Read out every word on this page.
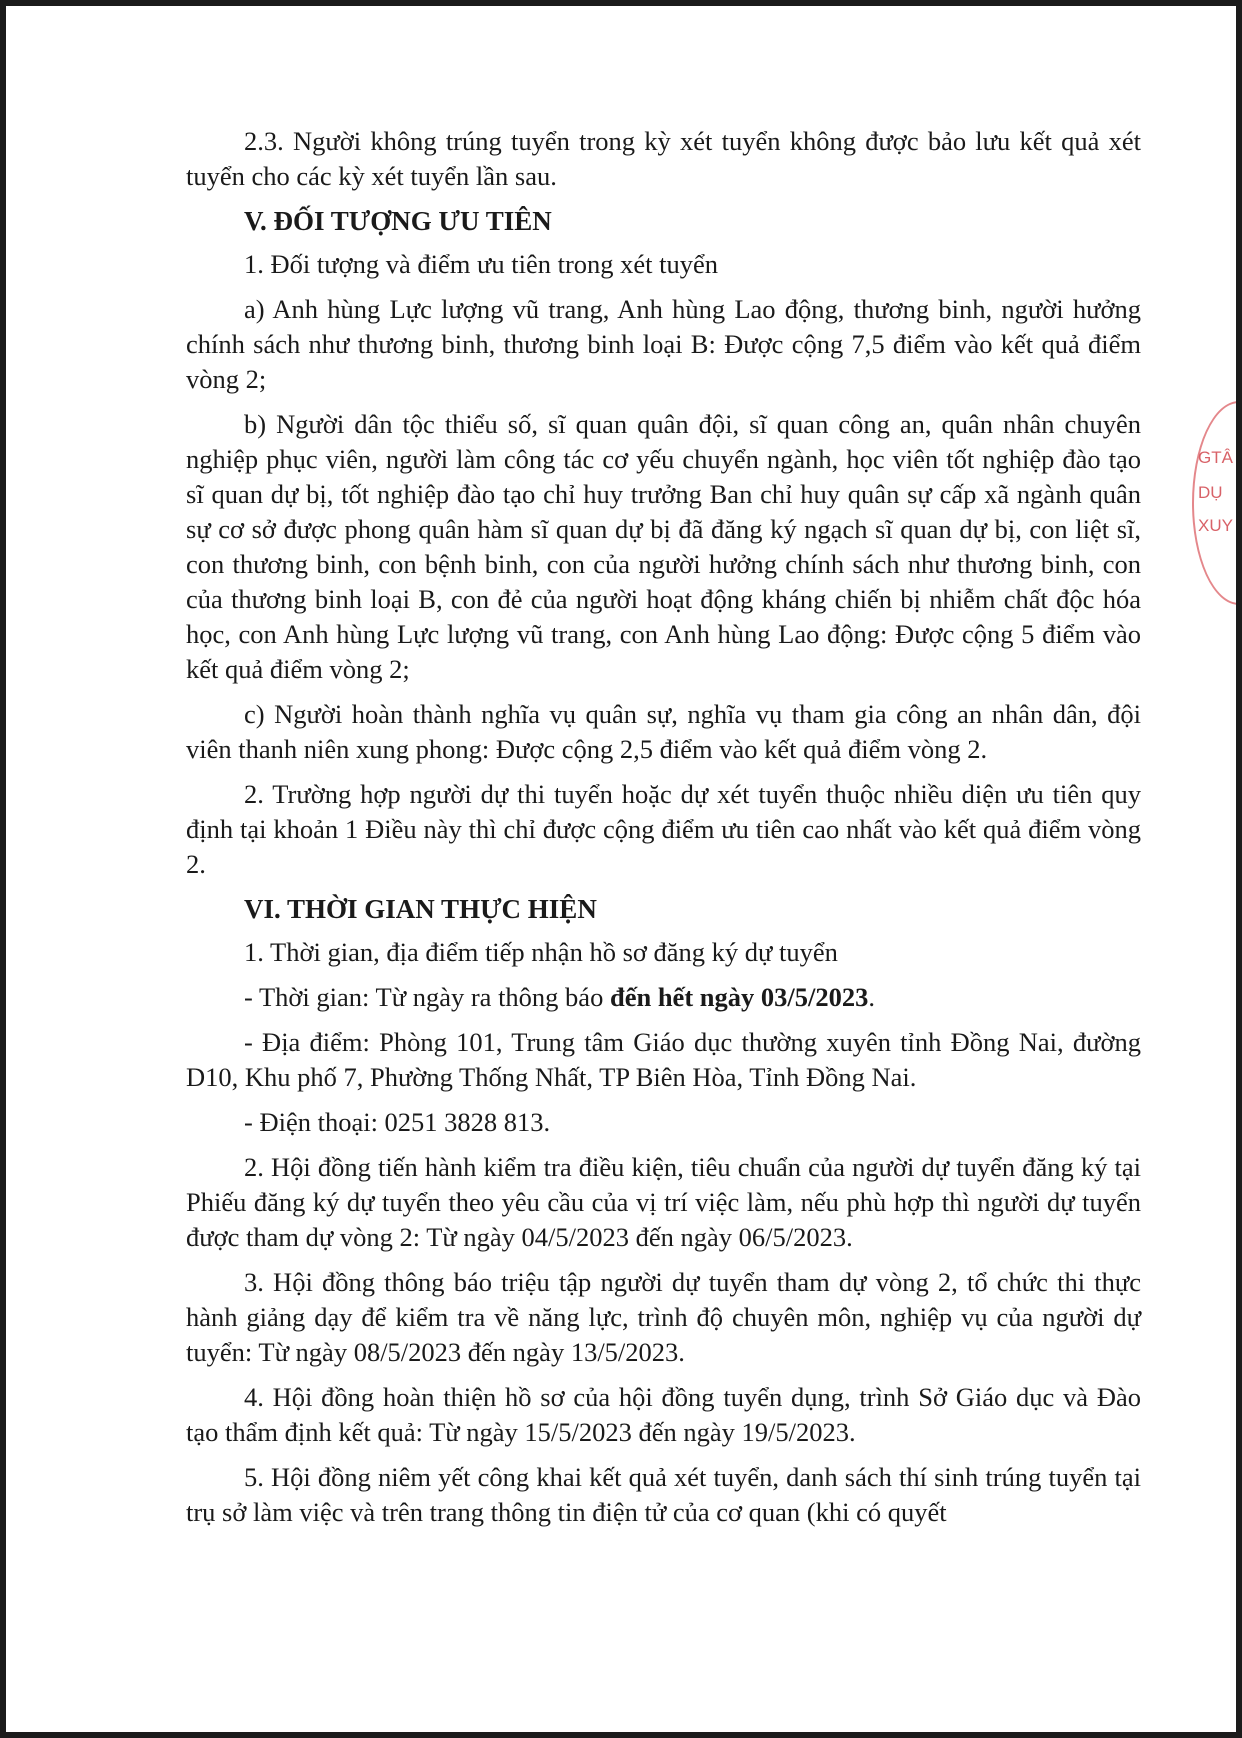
2.3. Người không trúng tuyển trong kỳ xét tuyển không được bảo lưu kết quả xét tuyển cho các kỳ xét tuyển lần sau.

V. ĐỐI TƯỢNG ƯU TIÊN

1. Đối tượng và điểm ưu tiên trong xét tuyển

a) Anh hùng Lực lượng vũ trang, Anh hùng Lao động, thương binh, người hưởng chính sách như thương binh, thương binh loại B: Được cộng 7,5 điểm vào kết quả điểm vòng 2;

b) Người dân tộc thiểu số, sĩ quan quân đội, sĩ quan công an, quân nhân chuyên nghiệp phục viên, người làm công tác cơ yếu chuyển ngành, học viên tốt nghiệp đào tạo sĩ quan dự bị, tốt nghiệp đào tạo chỉ huy trưởng Ban chỉ huy quân sự cấp xã ngành quân sự cơ sở được phong quân hàm sĩ quan dự bị đã đăng ký ngạch sĩ quan dự bị, con liệt sĩ, con thương binh, con bệnh binh, con của người hưởng chính sách như thương binh, con của thương binh loại B, con đẻ của người hoạt động kháng chiến bị nhiễm chất độc hóa học, con Anh hùng Lực lượng vũ trang, con Anh hùng Lao động: Được cộng 5 điểm vào kết quả điểm vòng 2;

c) Người hoàn thành nghĩa vụ quân sự, nghĩa vụ tham gia công an nhân dân, đội viên thanh niên xung phong: Được cộng 2,5 điểm vào kết quả điểm vòng 2.

2. Trường hợp người dự thi tuyển hoặc dự xét tuyển thuộc nhiều diện ưu tiên quy định tại khoản 1 Điều này thì chỉ được cộng điểm ưu tiên cao nhất vào kết quả điểm vòng 2.

VI. THỜI GIAN THỰC HIỆN

1. Thời gian, địa điểm tiếp nhận hồ sơ đăng ký dự tuyển

- Thời gian: Từ ngày ra thông báo đến hết ngày 03/5/2023.

- Địa điểm: Phòng 101, Trung tâm Giáo dục thường xuyên tỉnh Đồng Nai, đường D10, Khu phố 7, Phường Thống Nhất, TP Biên Hòa, Tỉnh Đồng Nai.

- Điện thoại: 0251 3828 813.

2. Hội đồng tiến hành kiểm tra điều kiện, tiêu chuẩn của người dự tuyển đăng ký tại Phiếu đăng ký dự tuyển theo yêu cầu của vị trí việc làm, nếu phù hợp thì người dự tuyển được tham dự vòng 2: Từ ngày 04/5/2023 đến ngày 06/5/2023.

3. Hội đồng thông báo triệu tập người dự tuyển tham dự vòng 2, tổ chức thi thực hành giảng dạy để kiểm tra về năng lực, trình độ chuyên môn, nghiệp vụ của người dự tuyển: Từ ngày 08/5/2023 đến ngày 13/5/2023.

4. Hội đồng hoàn thiện hồ sơ của hội đồng tuyển dụng, trình Sở Giáo dục và Đào tạo thẩm định kết quả: Từ ngày 15/5/2023 đến ngày 19/5/2023.

5. Hội đồng niêm yết công khai kết quả xét tuyển, danh sách thí sinh trúng tuyển tại trụ sở làm việc và trên trang thông tin điện tử của cơ quan (khi có quyết

GTÂ
DỤ
XUY
